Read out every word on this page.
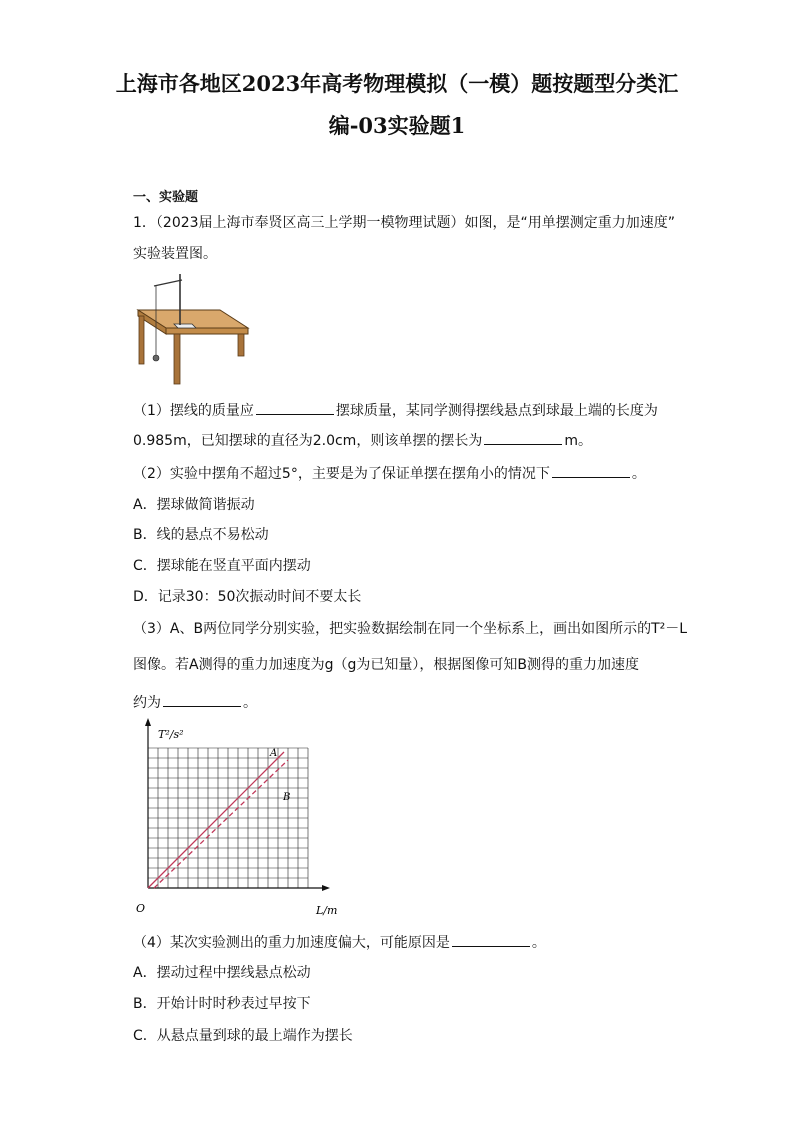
上海市各地区2023年高考物理模拟（一模）题按题型分类汇
编-03实验题1
一、实验题
1．（2023届上海市奉贤区高三上学期一模物理试题）如图，是“用单摆测定重力加速度”
实验装置图。
（1）摆线的质量应	摆球质量，某同学测得摆线悬点到球最上端的长度为
0.985m，已知摆球的直径为2.0cm，则该单摆的摆长为	m。
（2）实验中摆角不超过5°，主要是为了保证单摆在摆角小的情况下	。
A．摆球做简谐振动
B．线的悬点不易松动
C．摆球能在竖直平面内摆动
D．记录30：50次振动时间不要太长
（3）A、B两位同学分别实验，把实验数据绘制在同一个坐标系上，画出如图所示的T²－L
图像。若A测得的重力加速度为g（g为已知量），根据图像可知B测得的重力加速度
约为	。
T²/s²
L/m
O
A
B
（4）某次实验测出的重力加速度偏大，可能原因是	。
A．摆动过程中摆线悬点松动
B．开始计时时秒表过早按下
C．从悬点量到球的最上端作为摆长
